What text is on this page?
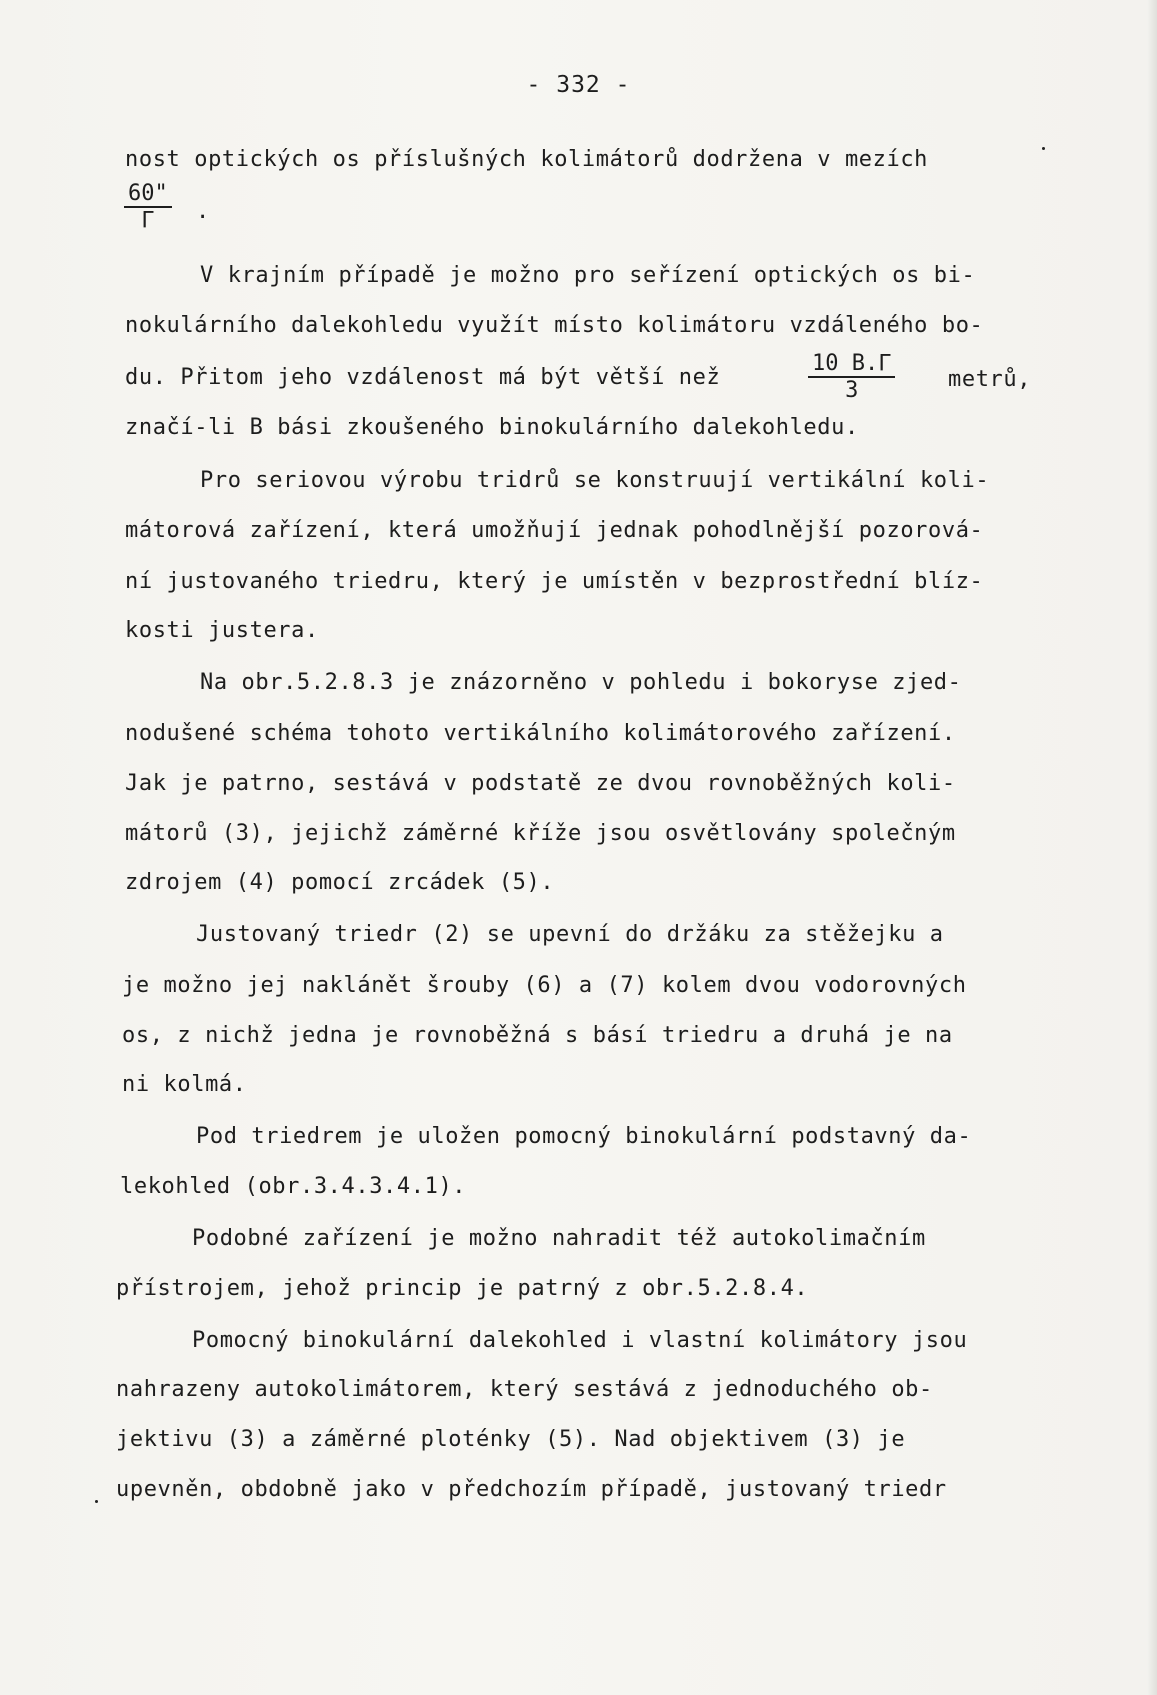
- 332 -
nost optických os příslušných kolimátorů dodržena v mezích
$\frac{60"}{\Gamma}$ .
V krajním případě je možno pro seřízení optických os bi-
nokulárního dalekohledu využít místo kolimátoru vzdáleného bo-
du. Přitom jeho vzdálenost má být větší než	$\frac{10 B.\Gamma}{3}$ metrů,
značí-li B bási zkoušeného binokulárního dalekohledu.
Pro seriovou výrobu tridrů se konstruují vertikální koli-
mátorová zařízení, která umožňují jednak pohodlnější pozorová-
ní justovaného triedru, který je umístěn v bezprostřední blíz-
kosti justera.
Na obr.5.2.8.3 je znázorněno v pohledu i bokoryse zjed-
nodušené schéma tohoto vertikálního kolimátorového zařízení.
Jak je patrno, sestává v podstatě ze dvou rovnoběžných koli-
mátorů (3), jejichž záměrné kříže jsou osvětlovány společným
zdrojem (4) pomocí zrcádek (5).
Justovaný triedr (2) se upevní do držáku za stěžejku a
je možno jej naklánět šrouby (6) a (7) kolem dvou vodorovných
os, z nichž jedna je rovnoběžná s básí triedru a druhá je na
ni kolmá.
Pod triedrem je uložen pomocný binokulární podstavný da-
lekohled (obr.3.4.3.4.1).
Podobné zařízení je možno nahradit též autokolimačním
přístrojem, jehož princip je patrný z obr.5.2.8.4.
Pomocný binokulární dalekohled i vlastní kolimátory jsou
nahrazeny autokolimátorem, který sestává z jednoduchého ob-
jektivu (3) a záměrné ploténky (5). Nad objektivem (3) je
upevněn, obdobně jako v předchozím případě, justovaný triedr
